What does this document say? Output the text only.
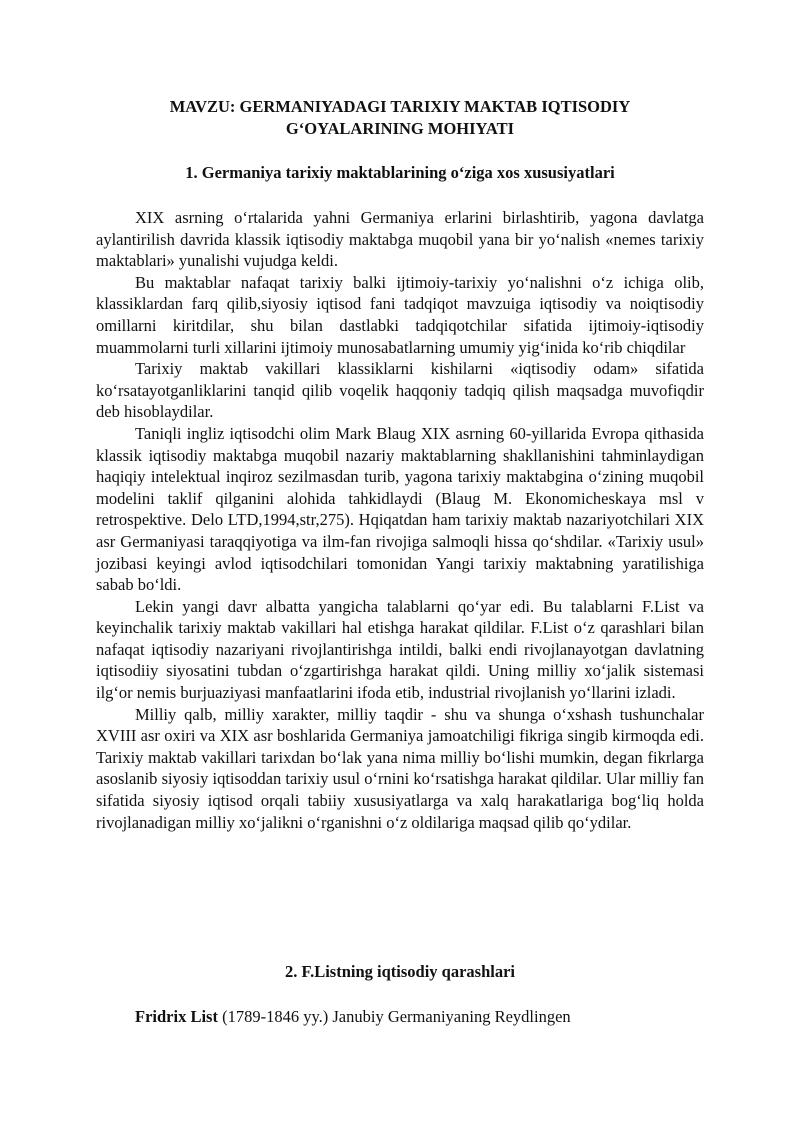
MAVZU: GERMANIYADAGI TARIXIY MAKTAB IQTISODIY
G‘OYALARINING MOHIYATI
1. Germaniya tarixiy maktablarining o‘ziga xos xususiyatlari

XIX asrning o‘rtalarida yahni Germaniya erlarini birlashtirib, yagona davlatga aylantirilish davrida klassik iqtisodiy maktabga muqobil yana bir yo‘nalish «nemes tarixiy maktablari» yunalishi vujudga keldi.

Bu maktablar nafaqat tarixiy balki ijtimoiy-tarixiy yo‘nalishni o‘z ichiga olib, klassiklardan farq qilib,siyosiy iqtisod fani tadqiqot mavzuiga iqtisodiy va noiqtisodiy omillarni kiritdilar, shu bilan dastlabki tadqiqotchilar sifatida ijtimoiy-iqtisodiy muammolarni turli xillarini ijtimoiy munosabatlarning umumiy yig‘inida ko‘rib chiqdilar

Tarixiy maktab vakillari klassiklarni kishilarni «iqtisodiy odam» sifatida ko‘rsatayotganliklarini tanqid qilib voqelik haqqoniy tadqiq qilish maqsadga muvofiqdir deb hisoblaydilar.

Taniqli ingliz iqtisodchi olim Mark Blaug XIX asrning 60-yillarida Evropa qithasida klassik iqtisodiy maktabga muqobil nazariy maktablarning shakllanishini tahminlaydigan haqiqiy intelektual inqiroz sezilmasdan turib, yagona tarixiy maktabgina o‘zining muqobil modelini taklif qilganini alohida tahkidlaydi (Blaug M. Ekonomicheskaya msl v retrospektive. Delo LTD,1994,str,275). Hqiqatdan ham tarixiy maktab nazariyotchilari XIX asr Germaniyasi taraqqiyotiga va ilm-fan rivojiga salmoqli hissa qo‘shdilar. «Tarixiy usul» jozibasi keyingi avlod iqtisodchilari tomonidan Yangi tarixiy maktabning yaratilishiga sabab bo‘ldi.

Lekin yangi davr albatta yangicha talablarni qo‘yar edi. Bu talablarni F.List va keyinchalik tarixiy maktab vakillari hal etishga harakat qildilar. F.List o‘z qarashlari bilan nafaqat iqtisodiy nazariyani rivojlantirishga intildi, balki endi rivojlanayotgan davlatning iqtisodiiy siyosatini tubdan o‘zgartirishga harakat qildi. Uning milliy xo‘jalik sistemasi ilg‘or nemis burjuaziyasi manfaatlarini ifoda etib, industrial rivojlanish yo‘llarini izladi.

Milliy qalb, milliy xarakter, milliy taqdir - shu va shunga o‘xshash tushunchalar XVIII asr oxiri va XIX asr boshlarida Germaniya jamoatchiligi fikriga singib kirmoqda edi. Tarixiy maktab vakillari tarixdan bo‘lak yana nima milliy bo‘lishi mumkin, degan fikrlarga asoslanib siyosiy iqtisoddan tarixiy usul o‘rnini ko‘rsatishga harakat qildilar. Ular milliy fan sifatida siyosiy iqtisod orqali tabiiy xususiyatlarga va xalq harakatlariga bog‘liq holda rivojlanadigan milliy xo‘jalikni o‘rganishni o‘z oldilariga maqsad qilib qo‘ydilar.

2. F.Listning iqtisodiy qarashlari

Fridrix List (1789-1846 yy.) Janubiy Germaniyaning Reydlingen
